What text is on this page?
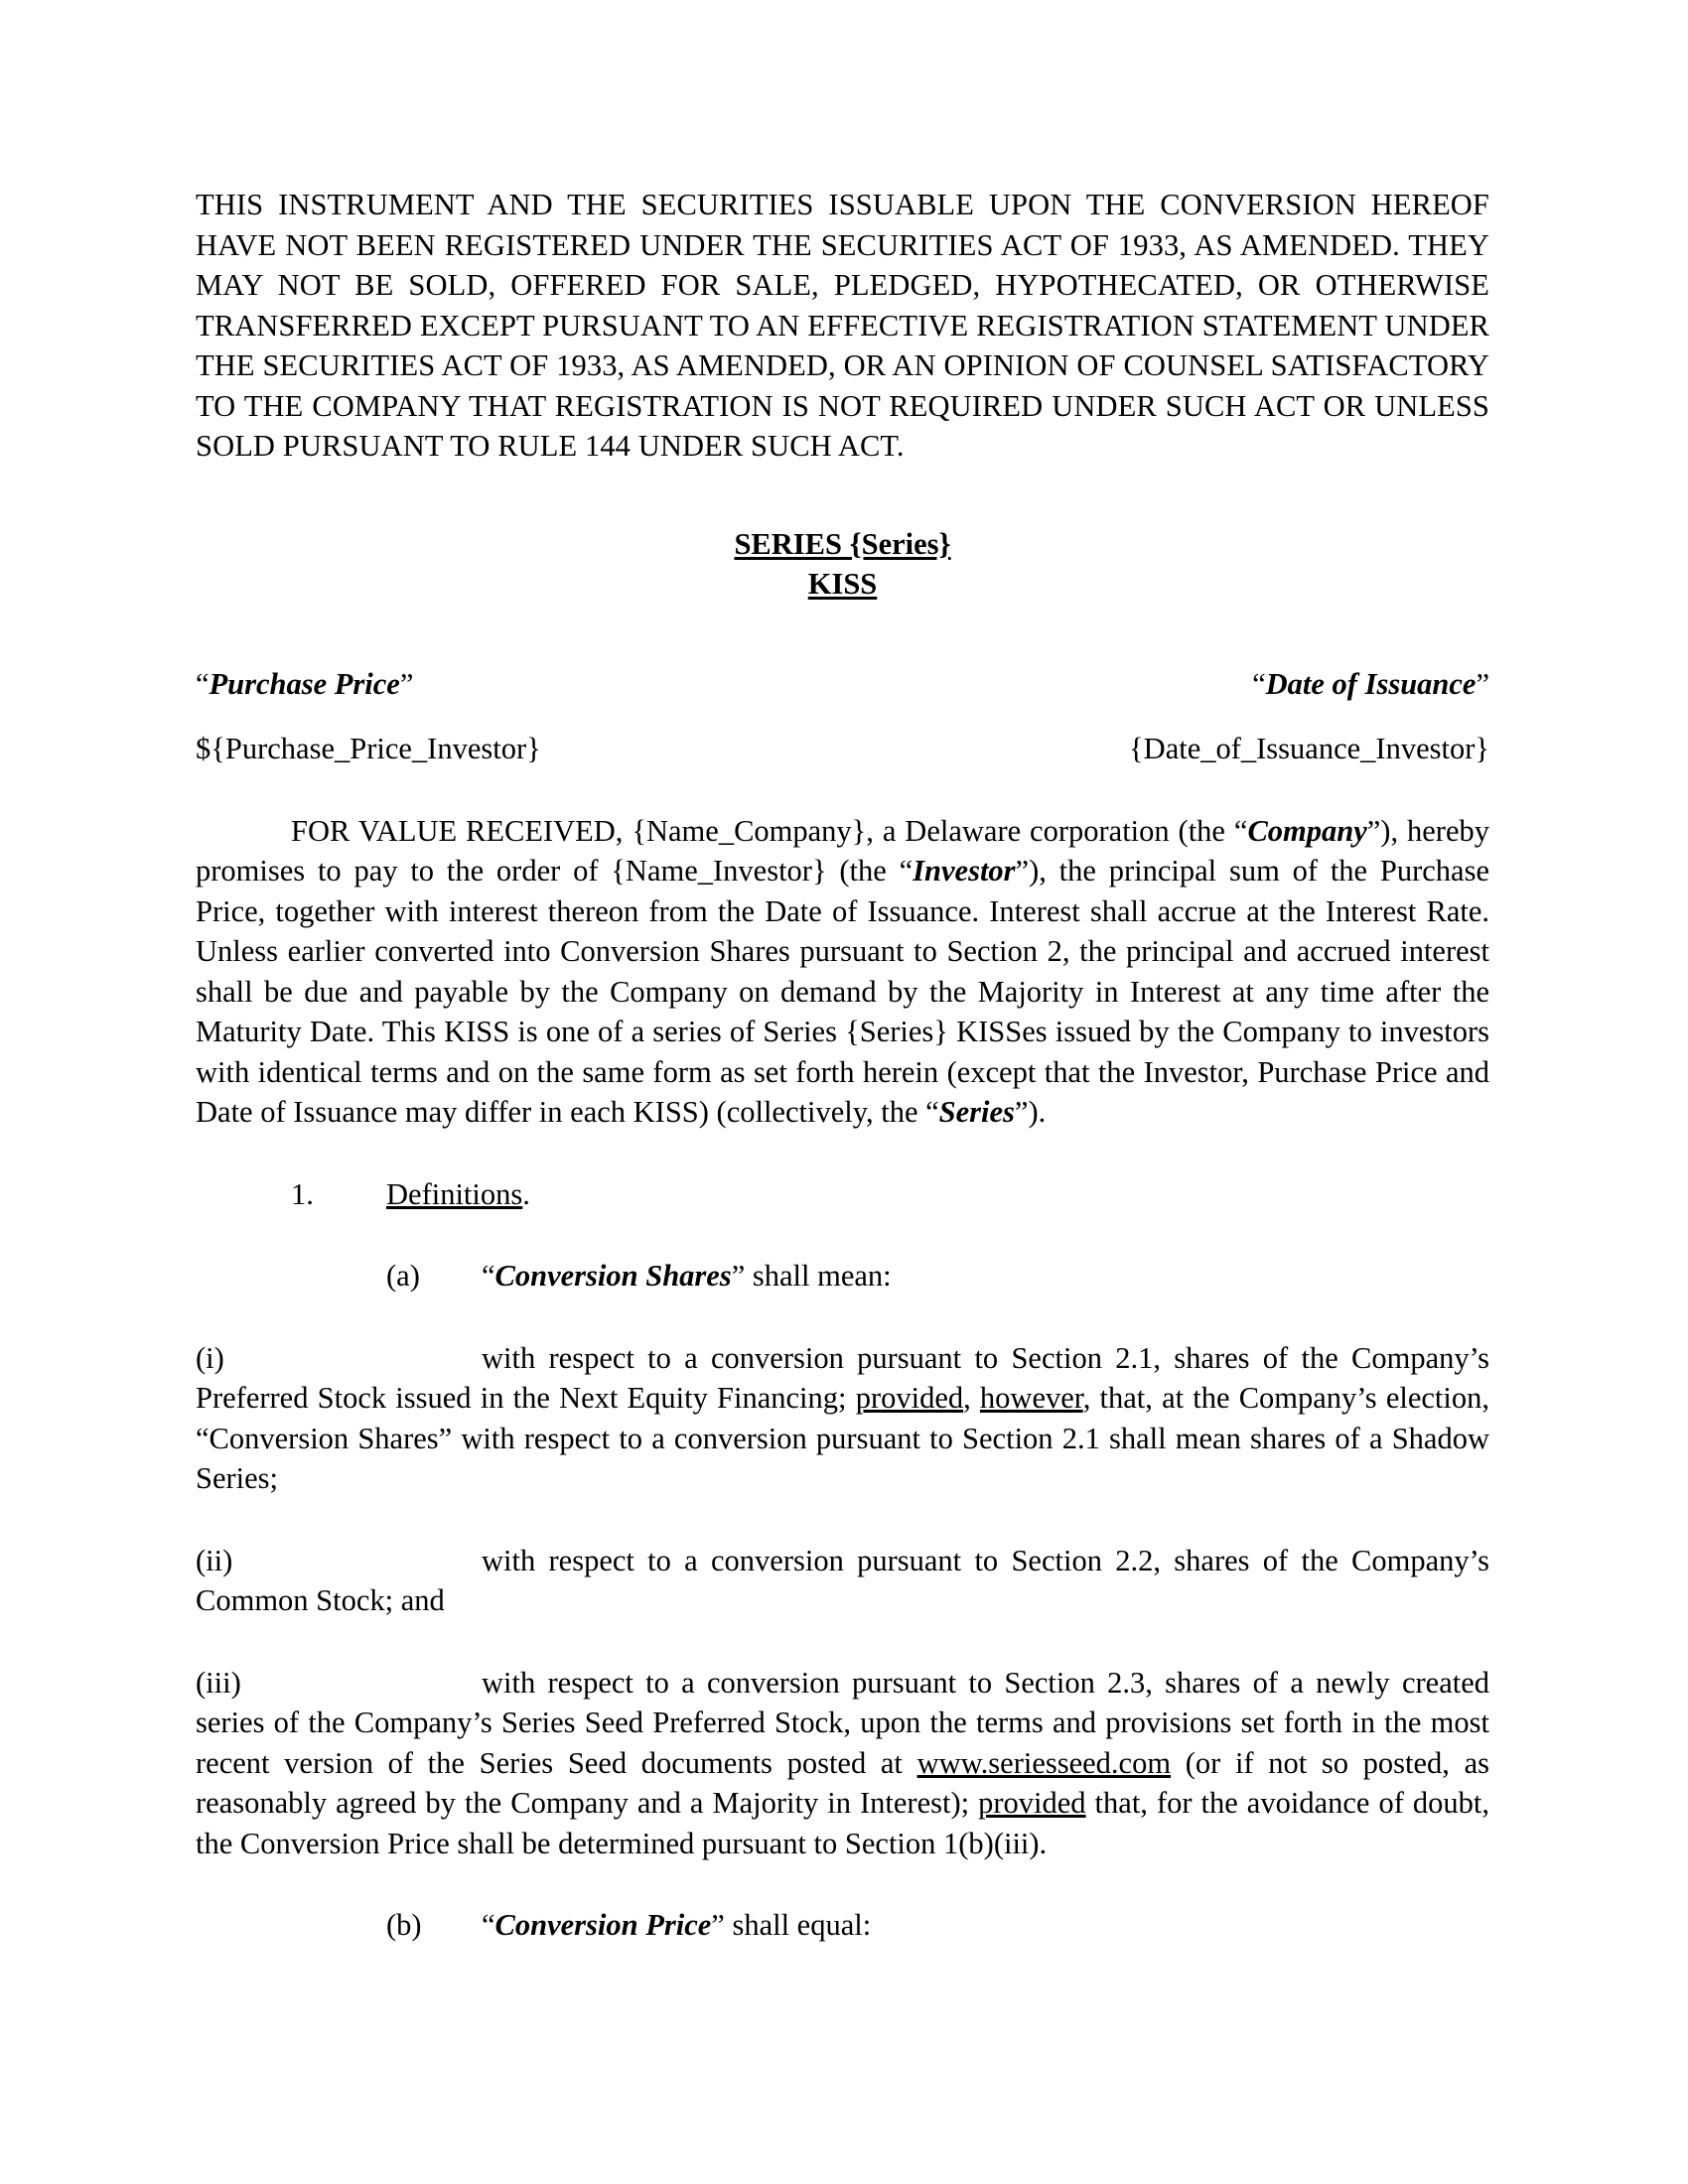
THIS INSTRUMENT AND THE SECURITIES ISSUABLE UPON THE CONVERSION HEREOF HAVE NOT BEEN REGISTERED UNDER THE SECURITIES ACT OF 1933, AS AMENDED. THEY MAY NOT BE SOLD, OFFERED FOR SALE, PLEDGED, HYPOTHECATED, OR OTHERWISE TRANSFERRED EXCEPT PURSUANT TO AN EFFECTIVE REGISTRATION STATEMENT UNDER THE SECURITIES ACT OF 1933, AS AMENDED, OR AN OPINION OF COUNSEL SATISFACTORY TO THE COMPANY THAT REGISTRATION IS NOT REQUIRED UNDER SUCH ACT OR UNLESS SOLD PURSUANT TO RULE 144 UNDER SUCH ACT.

SERIES {Series}
KISS
“Purchase Price”	“Date of Issuance”
${Purchase_Price_Investor}	{Date_of_Issuance_Investor}

FOR VALUE RECEIVED, {Name_Company}, a Delaware corporation (the “Company”), hereby promises to pay to the order of {Name_Investor} (the “Investor”), the principal sum of the Purchase Price, together with interest thereon from the Date of Issuance. Interest shall accrue at the Interest Rate. Unless earlier converted into Conversion Shares pursuant to Section 2, the principal and accrued interest shall be due and payable by the Company on demand by the Majority in Interest at any time after the Maturity Date. This KISS is one of a series of Series {Series} KISSes issued by the Company to investors with identical terms and on the same form as set forth herein (except that the Investor, Purchase Price and Date of Issuance may differ in each KISS) (collectively, the “Series”).

1.	Definitions.
(a)	“Conversion Shares” shall mean:

(i)	with respect to a conversion pursuant to Section 2.1, shares of the Company’s Preferred Stock issued in the Next Equity Financing; provided, however, that, at the Company’s election, “Conversion Shares” with respect to a conversion pursuant to Section 2.1 shall mean shares of a Shadow Series;

(ii)	with respect to a conversion pursuant to Section 2.2, shares of the Company’s Common Stock; and

(iii)	with respect to a conversion pursuant to Section 2.3, shares of a newly created series of the Company’s Series Seed Preferred Stock, upon the terms and provisions set forth in the most recent version of the Series Seed documents posted at www.seriesseed.com (or if not so posted, as reasonably agreed by the Company and a Majority in Interest); provided that, for the avoidance of doubt, the Conversion Price shall be determined pursuant to Section 1(b)(iii).

(b)	“Conversion Price” shall equal:
